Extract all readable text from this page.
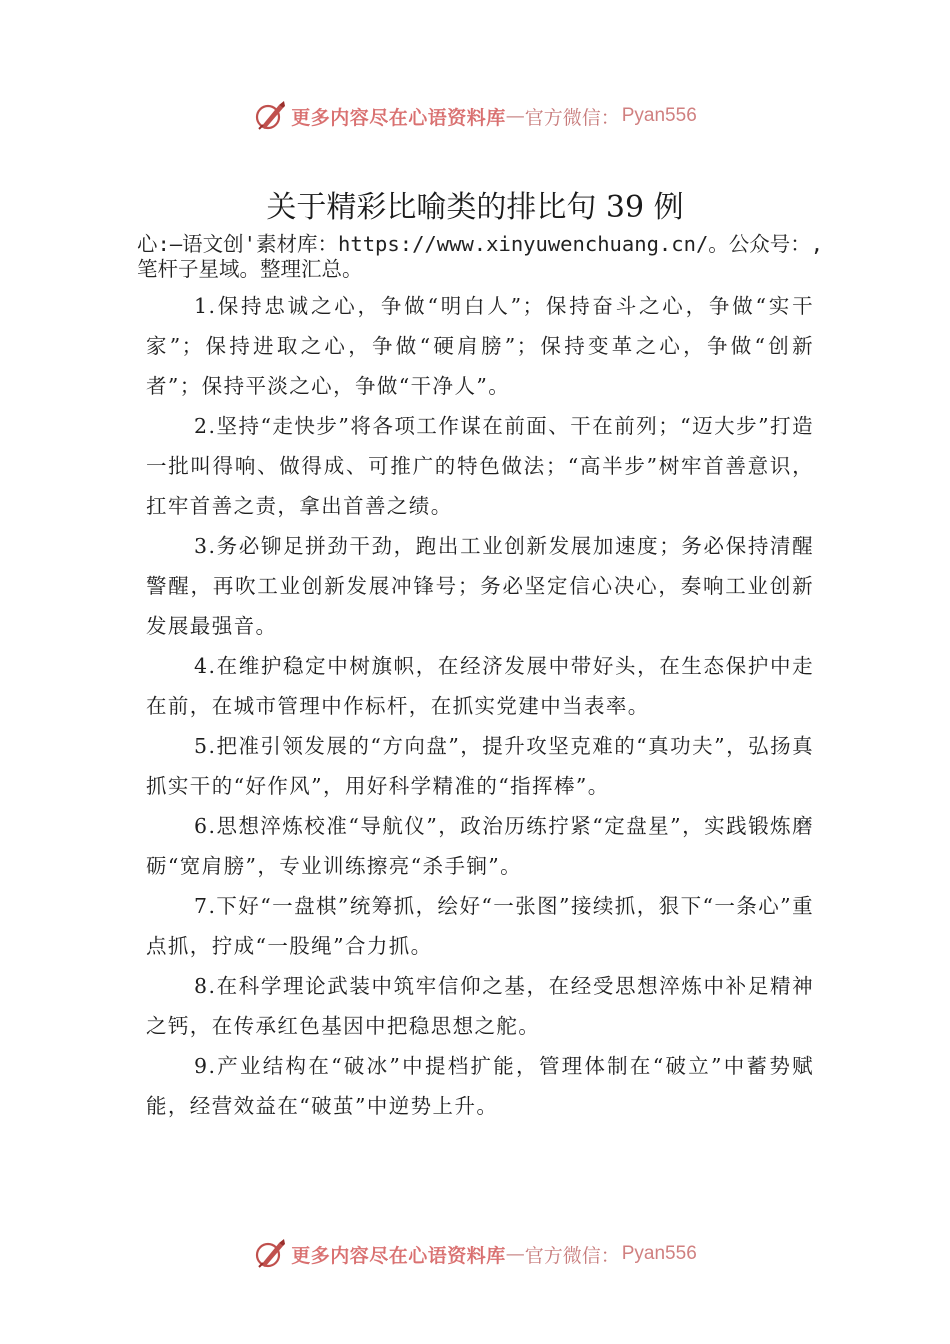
更多内容尽在心语资料库 — 官方微信： Pyan556
关于精彩比喻类的排比句 39 例
心:—语文创'素材库：https://www.xinyuwenchuang.cn/。公众号：,笔杆子星域。整理汇总。

1.保持忠诚之心，争做“明白人”；保持奋斗之心，争做“实干家”；保持进取之心，争做“硬肩膀”；保持变革之心，争做“创新者”；保持平淡之心，争做“干净人”。

2.坚持“走快步”将各项工作谋在前面、干在前列；“迈大步”打造一批叫得响、做得成、可推广的特色做法；“高半步”树牢首善意识，扛牢首善之责，拿出首善之绩。

3.务必铆足拼劲干劲，跑出工业创新发展加速度；务必保持清醒警醒，再吹工业创新发展冲锋号；务必坚定信心决心，奏响工业创新发展最强音。

4.在维护稳定中树旗帜，在经济发展中带好头，在生态保护中走在前，在城市管理中作标杆，在抓实党建中当表率。

5.把准引领发展的“方向盘”，提升攻坚克难的“真功夫”，弘扬真抓实干的“好作风”，用好科学精准的“指挥棒”。

6.思想淬炼校准“导航仪”，政治历练拧紧“定盘星”，实践锻炼磨砺“宽肩膀”，专业训练擦亮“杀手锏”。

7.下好“一盘棋”统筹抓，绘好“一张图”接续抓，狠下“一条心”重点抓，拧成“一股绳”合力抓。

8.在科学理论武装中筑牢信仰之基，在经受思想淬炼中补足精神之钙，在传承红色基因中把稳思想之舵。

9.产业结构在“破冰”中提档扩能，管理体制在“破立”中蓄势赋能，经营效益在“破茧”中逆势上升。

更多内容尽在心语资料库 — 官方微信： Pyan556
